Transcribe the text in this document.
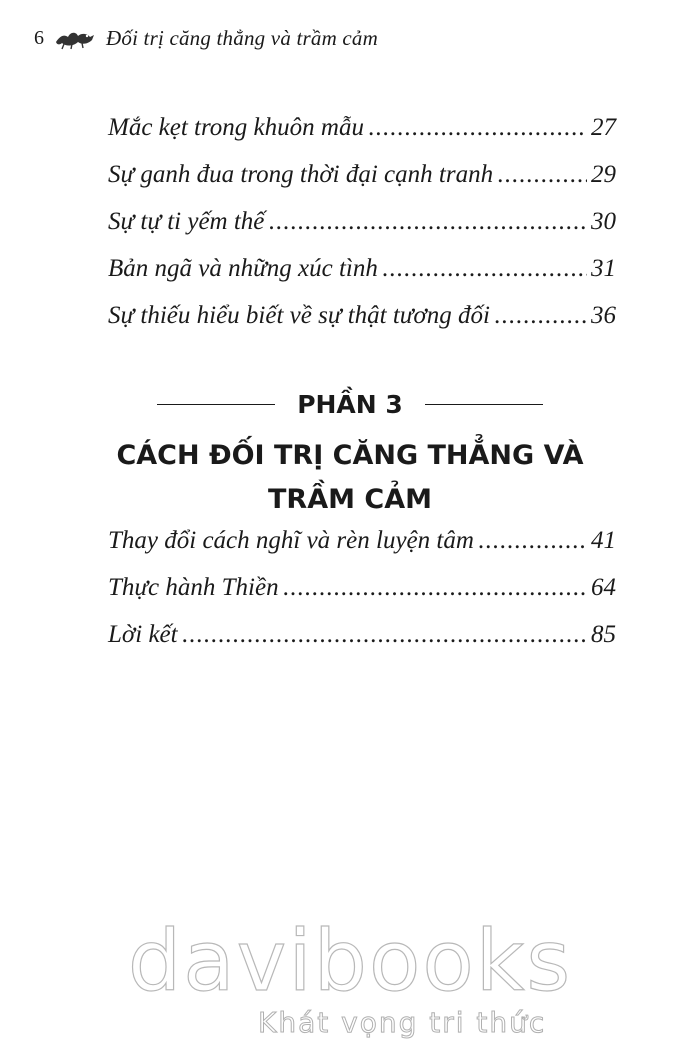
6	Đối trị căng thẳng và trầm cảm
Mắc kẹt trong khuôn mẫu .....	27
Sự ganh đua trong thời đại cạnh tranh .....	29
Sự tự ti yếm thế .....	30
Bản ngã và những xúc tình .....	31
Sự thiếu hiểu biết về sự thật tương đối .....	36
PHẦN 3
CÁCH ĐỐI TRỊ CĂNG THẲNG VÀ
TRẦM CẢM
Thay đổi cách nghĩ và rèn luyện tâm .....	41
Thực hành Thiền .....	64
Lời kết .....	85
davibooks
Khát vọng tri thức
